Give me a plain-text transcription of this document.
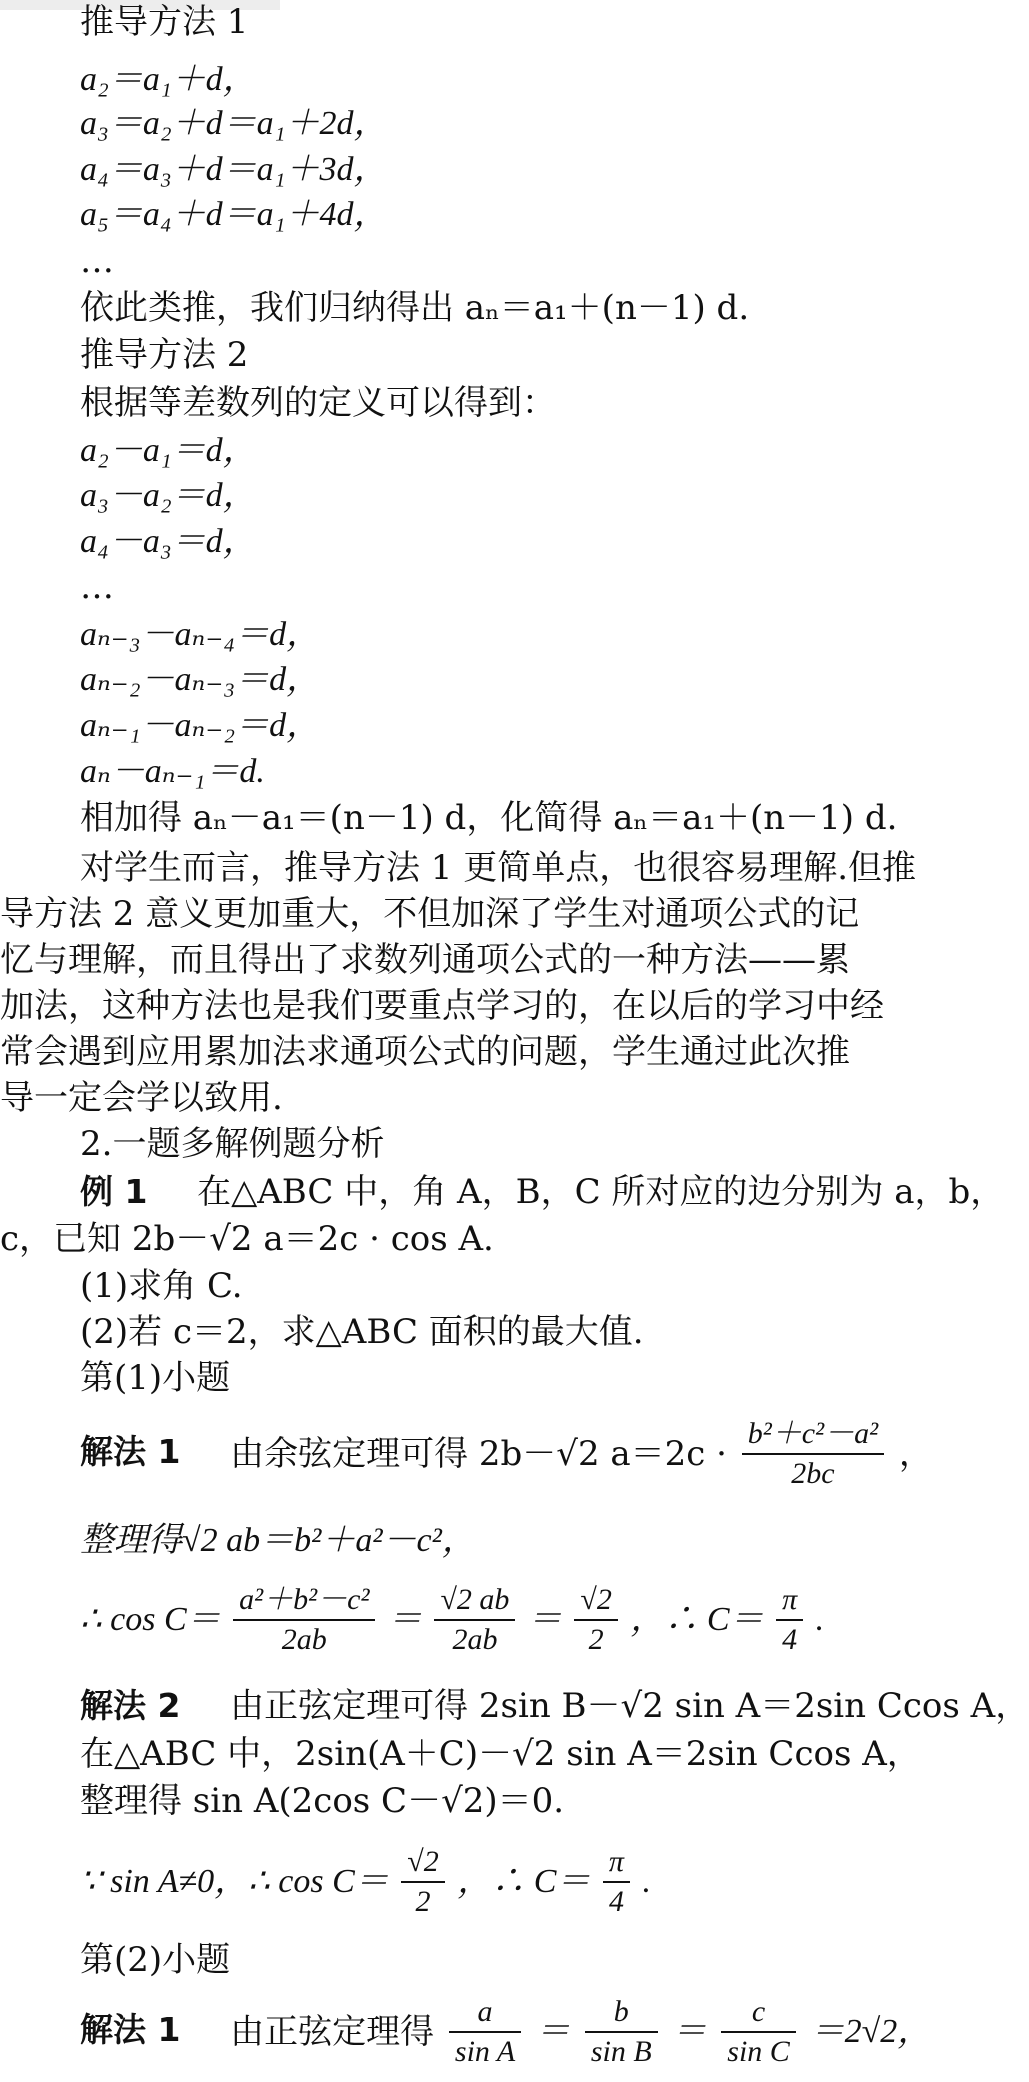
推导方法 1
a₂＝a₁＋d，
a₃＝a₂＋d＝a₁＋2d，
a₄＝a₃＋d＝a₁＋3d，
a₅＝a₄＋d＝a₁＋4d，
…
依此类推，我们归纳得出 aₙ＝a₁＋(n－1) d.
推导方法 2
根据等差数列的定义可以得到：
a₂－a₁＝d，
a₃－a₂＝d，
a₄－a₃＝d，
…
aₙ₋₃－aₙ₋₄＝d，
aₙ₋₂－aₙ₋₃＝d，
aₙ₋₁－aₙ₋₂＝d，
aₙ－aₙ₋₁＝d.
相加得 aₙ－a₁＝(n－1) d，化简得 aₙ＝a₁＋(n－1) d.
对学生而言，推导方法 1 更简单点，也很容易理解.但推
导方法 2 意义更加重大，不但加深了学生对通项公式的记
忆与理解，而且得出了求数列通项公式的一种方法——累
加法，这种方法也是我们要重点学习的，在以后的学习中经
常会遇到应用累加法求通项公式的问题，学生通过此次推
导一定会学以致用.
2.一题多解例题分析
例 1 在△ABC 中，角 A，B，C 所对应的边分别为 a，b，
c，已知 2b－√2 a＝2c · cos A.
(1)求角 C.
(2)若 c＝2，求△ABC 面积的最大值.
第(1)小题
解法 1 由余弦定理可得 2b－√2 $a=2c \cdot \frac{\text{b²＋c²－a²}}{2bc}$ ，
整理得√2 ab＝b²＋a²－c²，
∴ $\cos C= \frac{\text{a²＋b²－c²}}{2ab} = \frac{√2 ab}{2ab} = \frac{√2}{2}$ ，∴ $C= \frac{\pi}{4}$ .
解法 2 由正弦定理可得 2sin B－√2 sin A＝2sin Ccos A，
在△ABC 中，2sin(A＋C)－√2 sin A＝2sin Ccos A，
整理得 sin A(2cos C－√2)＝0.
∵ sin A≠0，∴ $\cos C= \frac{√2}{2}$ ，∴ $C= \frac{\pi}{4}$ .
第(2)小题
解法 1 由正弦定理得 $\frac{a}{\text{sin A}} = \frac{b}{\text{sin B}} = \frac{c}{\text{sin C}} =2√2$，
